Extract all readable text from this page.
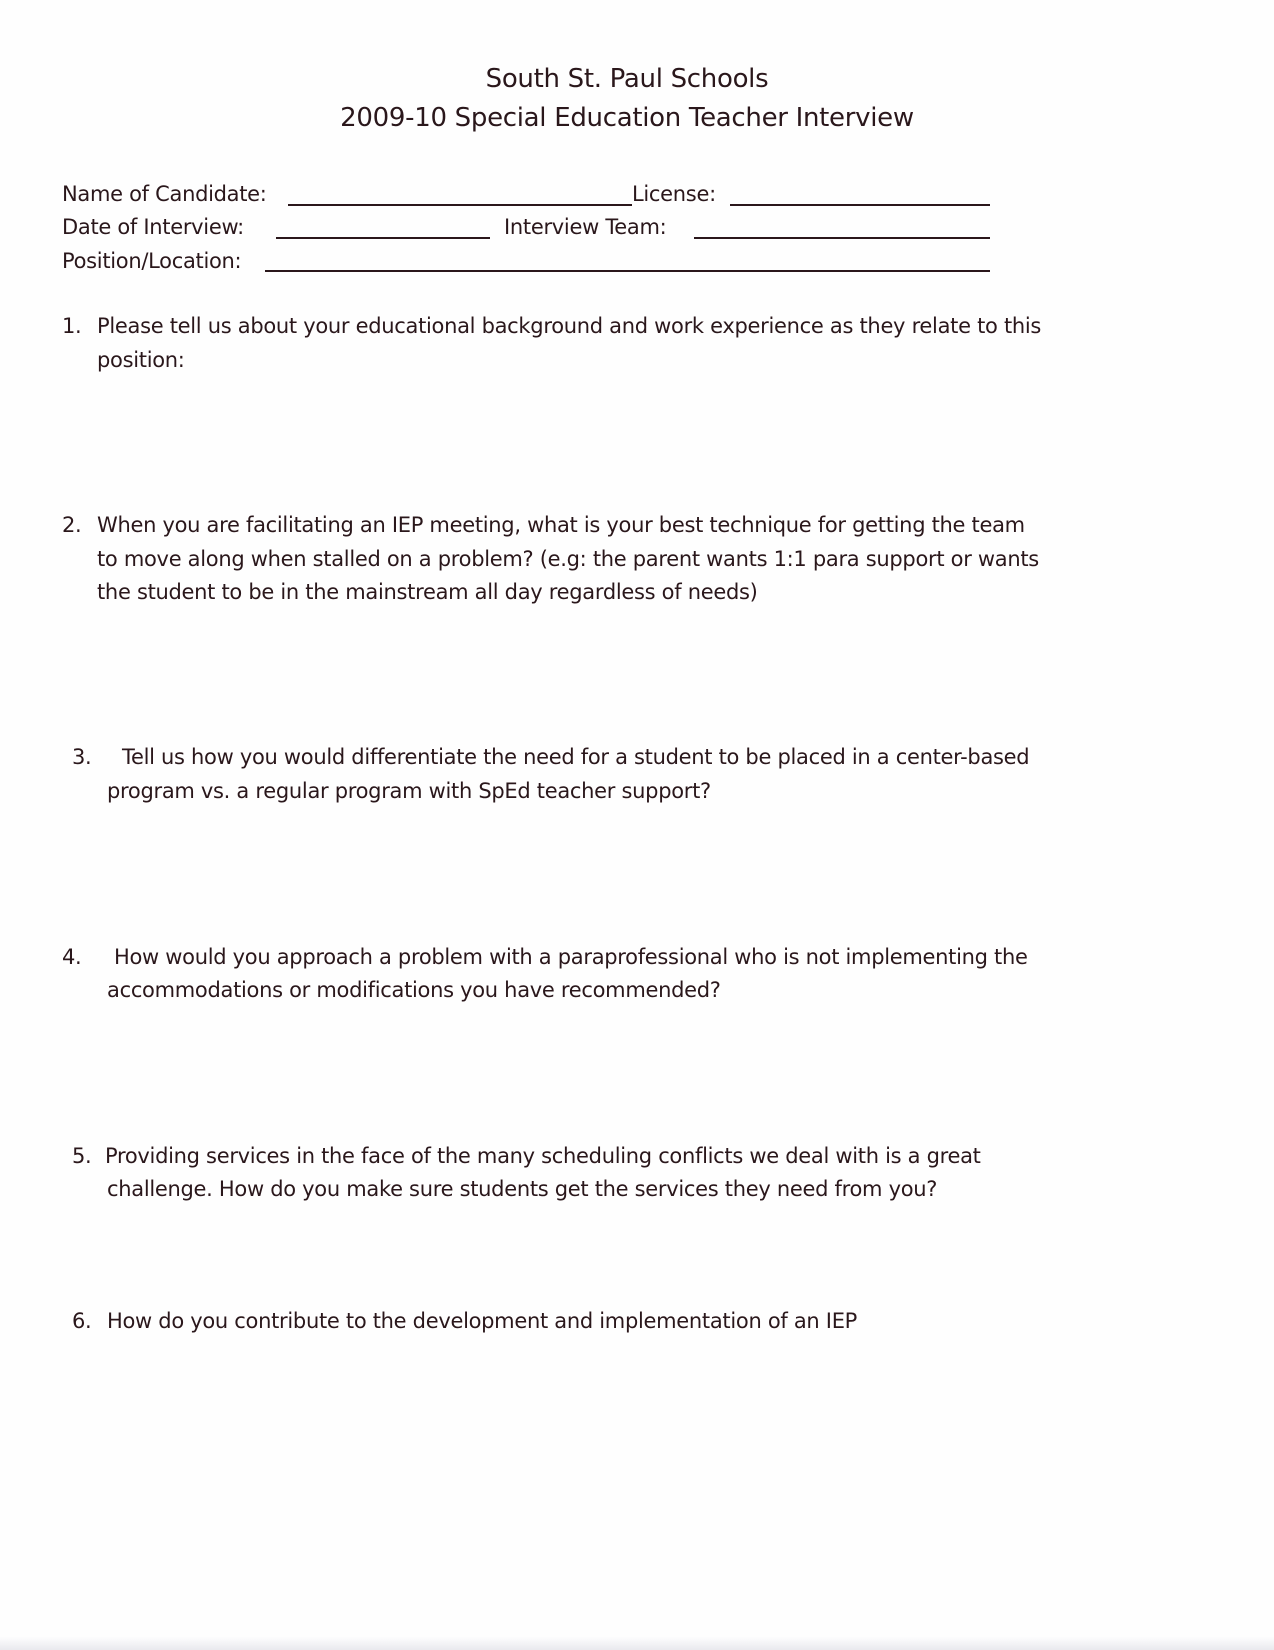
South St. Paul Schools
2009-10 Special Education Teacher Interview
Name of Candidate:	License:
Date of Interview:	Interview Team:
Position/Location:
1. Please tell us about your educational background and work experience as they relate to this
position:
2. When you are facilitating an IEP meeting, what is your best technique for getting the team
to move along when stalled on a problem? (e.g: the parent wants 1:1 para support or wants
the student to be in the mainstream all day regardless of needs)
3. Tell us how you would differentiate the need for a student to be placed in a center-based
program vs. a regular program with SpEd teacher support?
4. How would you approach a problem with a paraprofessional who is not implementing the
accommodations or modifications you have recommended?
5. Providing services in the face of the many scheduling conflicts we deal with is a great
challenge. How do you make sure students get the services they need from you?
6. How do you contribute to the development and implementation of an IEP
